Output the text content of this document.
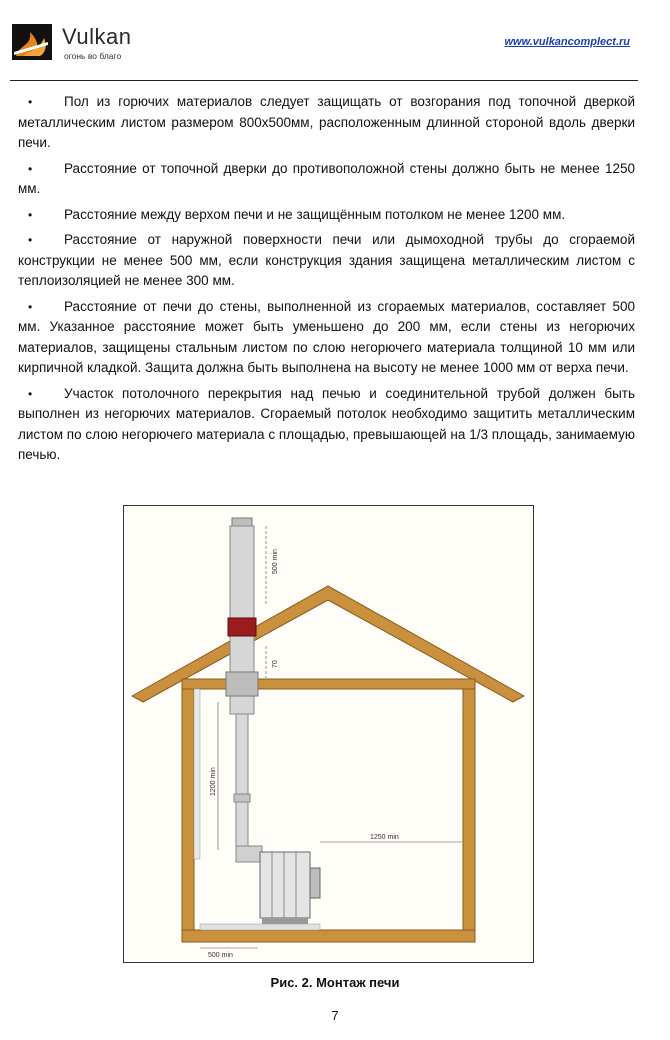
Vulkan
огонь во благо
www.vulkancomplect.ru

• Пол из горючих материалов следует защищать от возгорания под топочной дверкой металлическим листом размером 800х500мм, расположенным длинной стороной вдоль дверки печи.

• Расстояние от топочной дверки до противоположной стены должно быть не менее 1250 мм.

• Расстояние между верхом печи и не защищённым потолком не менее 1200 мм.

• Расстояние от наружной поверхности печи или дымоходной трубы до сгораемой конструкции не менее 500 мм, если конструкция здания защищена металлическим листом с теплоизоляцией не менее 300 мм.

• Расстояние от печи до стены, выполненной из сгораемых материалов, составляет 500 мм. Указанное расстояние может быть уменьшено до 200 мм, если стены из негорючих материалов, защищены стальным листом по слою негорючего материала толщиной 10 мм или кирпичной кладкой. Защита должна быть выполнена на высоту не менее 1000 мм от верха печи.

• Участок потолочного перекрытия над печью и соединительной трубой должен быть выполнен из негорючих материалов. Сгораемый потолок необходимо защитить металлическим листом по слою негорючего материала с площадью, превышающей на 1/3 площадь, занимаемую печью.

500 min
70
1200 min
1250 min
500 min
Рис. 2. Монтаж печи
7
